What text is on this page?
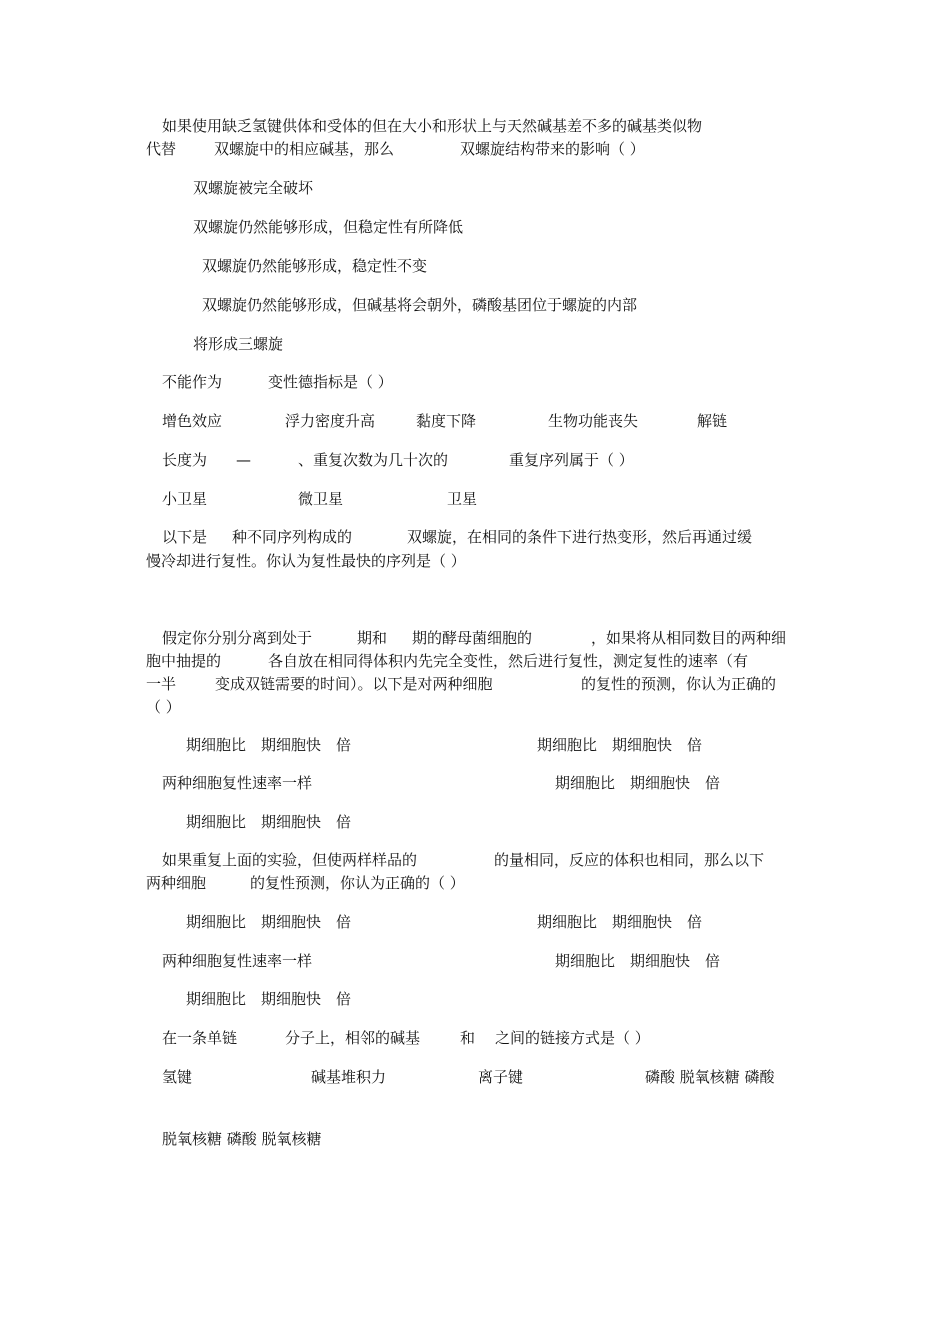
如果使用缺乏氢键供体和受体的但在大小和形状上与天然碱基差不多的碱基类似物
代替	双螺旋中的相应碱基，那么	双螺旋结构带来的影响（ ）
双螺旋被完全破坏
双螺旋仍然能够形成，但稳定性有所降低
双螺旋仍然能够形成，稳定性不变
双螺旋仍然能够形成，但碱基将会朝外，磷酸基团位于螺旋的内部
将形成三螺旋
不能作为	变性德指标是（ ）
增色效应	浮力密度升高	黏度下降	生物功能丧失	解链
长度为 —	、重复次数为几十次的	重复序列属于（ ）
小卫星	微卫星	卫星
以下是 种不同序列构成的	双螺旋，在相同的条件下进行热变形，然后再通过缓
慢冷却进行复性。你认为复性最快的序列是（ ）
假定你分别分离到处于	期和 期的酵母菌细胞的	，如果将从相同数目的两种细
胞中抽提的	各自放在相同得体积内先完全变性，然后进行复性，测定复性的速率（有
一半	变成双链需要的时间）。以下是对两种细胞	的复性的预测，你认为正确的
（ ）
期细胞比　期细胞快　倍	期细胞比　期细胞快　倍
两种细胞复性速率一样	期细胞比　期细胞快　倍
期细胞比　期细胞快　倍
如果重复上面的实验，但使两样样品的	的量相同，反应的体积也相同，那么以下
两种细胞	的复性预测，你认为正确的（ ）
期细胞比　期细胞快　倍	期细胞比　期细胞快　倍
两种细胞复性速率一样	期细胞比　期细胞快　倍
期细胞比　期细胞快　倍
在一条单链	分子上，相邻的碱基	和 之间的链接方式是（ ）
氢键	碱基堆积力	离子键	磷酸 脱氧核糖 磷酸
脱氧核糖 磷酸 脱氧核糖
